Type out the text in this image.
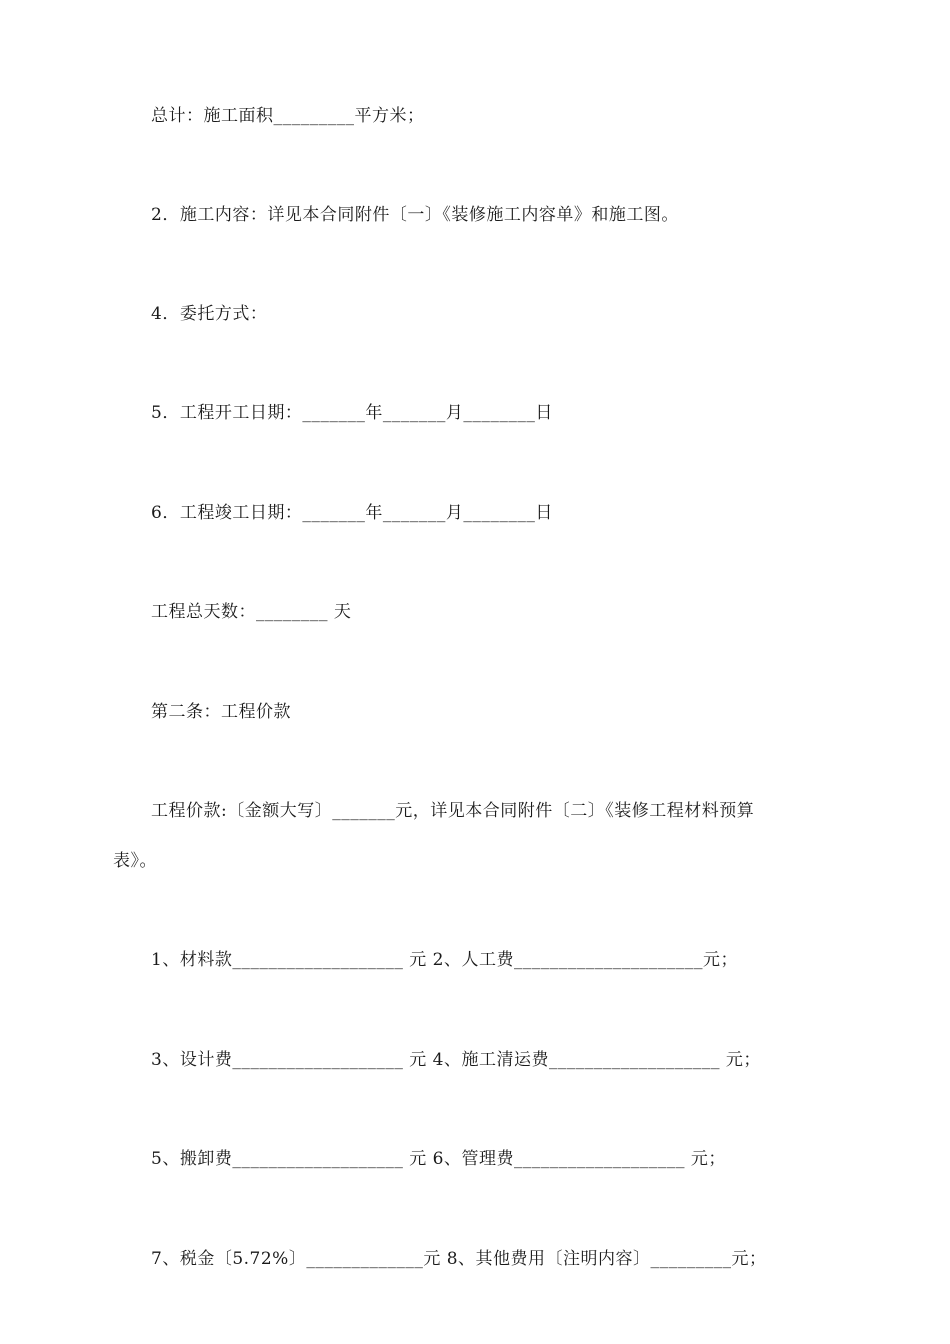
总计：施工面积_________平方米；
2．施工内容：详见本合同附件〔一〕《装修施工内容单》和施工图。
4．委托方式：
5．工程开工日期：_______年_______月________日
6．工程竣工日期：_______年_______月________日
工程总天数：________ 天
第二条：工程价款
工程价款:〔金额大写〕_______元，详见本合同附件〔二〕《装修工程材料预算
表》。
1、材料款___________________ 元 2、人工费_____________________元；
3、设计费___________________ 元 4、施工清运费___________________ 元；
5、搬卸费___________________ 元 6、管理费___________________ 元；
7、税金〔5.72%〕_____________元 8、其他费用〔注明内容〕_________元；
